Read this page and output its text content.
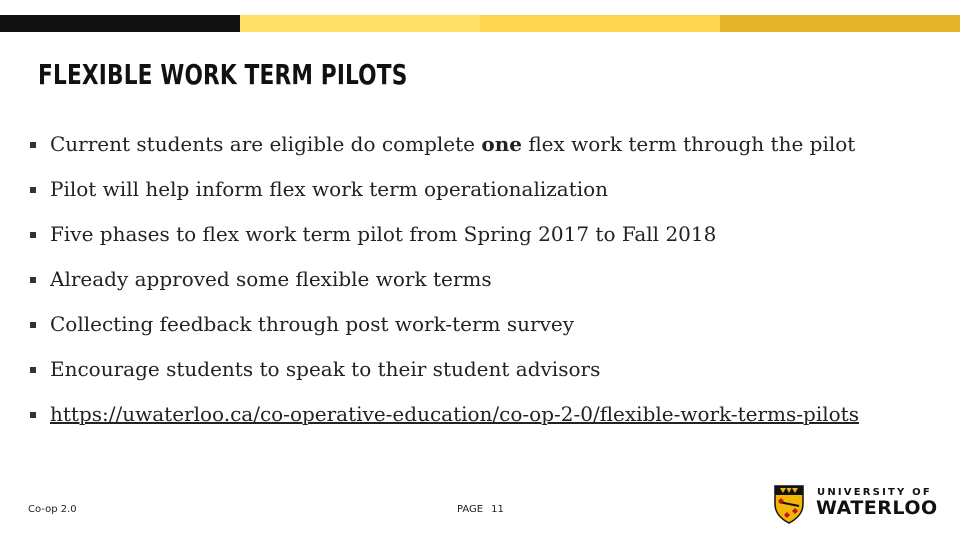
FLEXIBLE WORK TERM PILOTS
Current students are eligible do complete one flex work term through the pilot
Pilot will help inform flex work term operationalization
Five phases to flex work term pilot from Spring 2017 to Fall 2018
Already approved some flexible work terms
Collecting feedback through post work-term survey
Encourage students to speak to their student advisors
https://uwaterloo.ca/co-operative-education/co-op-2-0/flexible-work-terms-pilots
Co-op 2.0	PAGE 11
UNIVERSITY OF
WATERLOO
